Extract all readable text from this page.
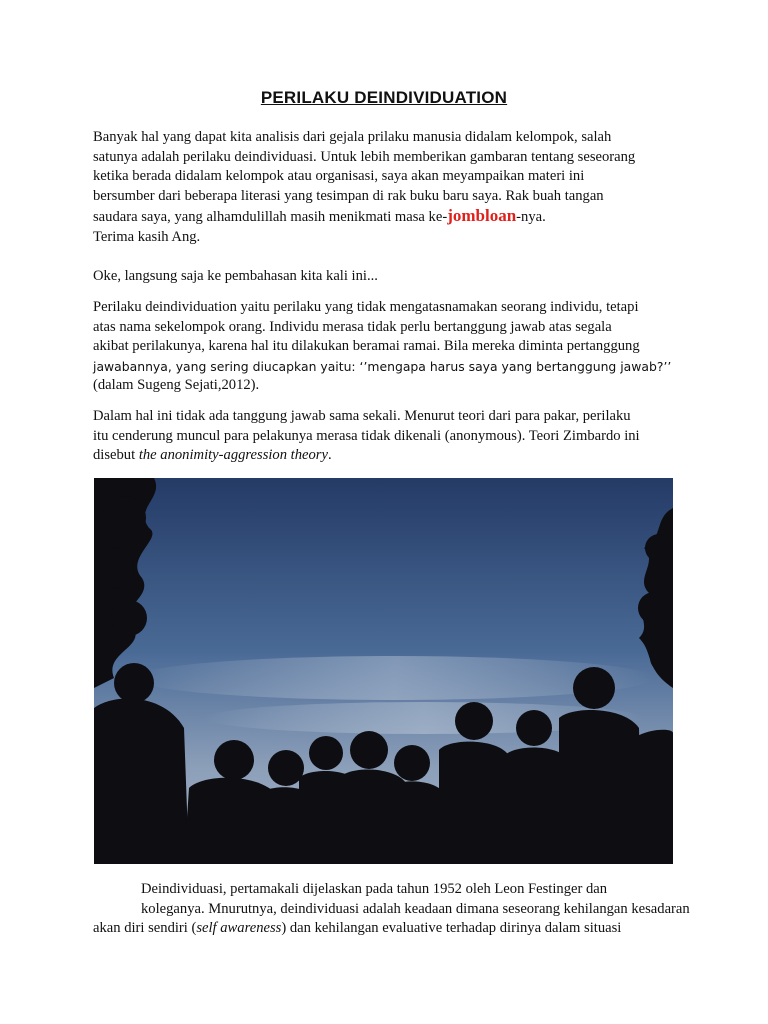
PERILAKU DEINDIVIDUATION

Banyak hal yang dapat kita analisis dari gejala prilaku manusia didalam kelompok, salah
satunya adalah perilaku deindividuasi. Untuk lebih memberikan gambaran tentang seseorang
ketika berada didalam kelompok atau organisasi, saya akan meyampaikan materi ini
bersumber dari beberapa literasi yang tesimpan di rak buku baru saya. Rak buah tangan
saudara saya, yang alhamdulillah masih menikmati masa ke-jombloan-nya.
Terima kasih Ang.

Oke, langsung saja ke pembahasan kita kali ini...

Perilaku deindividuation yaitu perilaku yang tidak mengatasnamakan seorang individu, tetapi
atas nama sekelompok orang. Individu merasa tidak perlu bertanggung jawab atas segala
akibat perilakunya, karena hal itu dilakukan beramai ramai. Bila mereka diminta pertanggung
jawabannya, yang sering diucapkan yaitu: ‘’mengapa harus saya yang bertanggung jawab?’’
(dalam Sugeng Sejati,2012).

Dalam hal ini tidak ada tanggung jawab sama sekali. Menurut teori dari para pakar, perilaku
itu cenderung muncul para pelakunya merasa tidak dikenali (anonymous). Teori Zimbardo ini
disebut the anonimity-aggression theory.

Deindividuasi, pertamakali dijelaskan pada tahun 1952 oleh Leon Festinger dan
koleganya. Mnurutnya, deindividuasi adalah keadaan dimana seseorang kehilangan kesadaran
akan diri sendiri (self awareness) dan kehilangan evaluative terhadap dirinya dalam situasi
